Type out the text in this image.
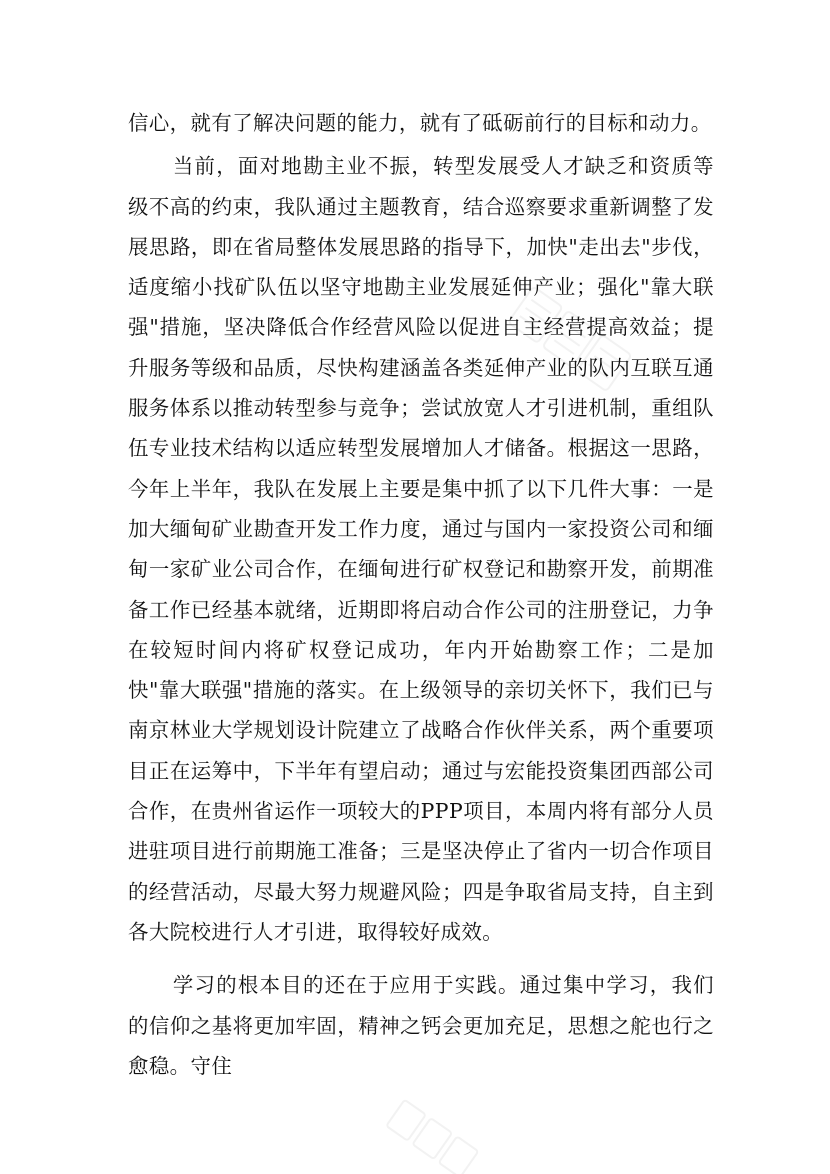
信心，就有了解决问题的能力，就有了砥砺前行的目标和动力。

当前，面对地勘主业不振，转型发展受人才缺乏和资质等级不高的约束，我队通过主题教育，结合巡察要求重新调整了发展思路，即在省局整体发展思路的指导下，加快"走出去"步伐，适度缩小找矿队伍以坚守地勘主业发展延伸产业；强化"靠大联强"措施，坚决降低合作经营风险以促进自主经营提高效益；提升服务等级和品质，尽快构建涵盖各类延伸产业的队内互联互通服务体系以推动转型参与竞争；尝试放宽人才引进机制，重组队伍专业技术结构以适应转型发展增加人才储备。根据这一思路，今年上半年，我队在发展上主要是集中抓了以下几件大事：一是加大缅甸矿业勘查开发工作力度，通过与国内一家投资公司和缅甸一家矿业公司合作，在缅甸进行矿权登记和勘察开发，前期准备工作已经基本就绪，近期即将启动合作公司的注册登记，力争在较短时间内将矿权登记成功，年内开始勘察工作；二是加快"靠大联强"措施的落实。在上级领导的亲切关怀下，我们已与南京林业大学规划设计院建立了战略合作伙伴关系，两个重要项目正在运筹中，下半年有望启动；通过与宏能投资集团西部公司合作，在贵州省运作一项较大的PPP项目，本周内将有部分人员进驻项目进行前期施工准备；三是坚决停止了省内一切合作项目的经营活动，尽最大努力规避风险；四是争取省局支持，自主到各大院校进行人才引进，取得较好成效。

学习的根本目的还在于应用于实践。通过集中学习，我们的信仰之基将更加牢固，精神之钙会更加充足，思想之舵也行之愈稳。守住
